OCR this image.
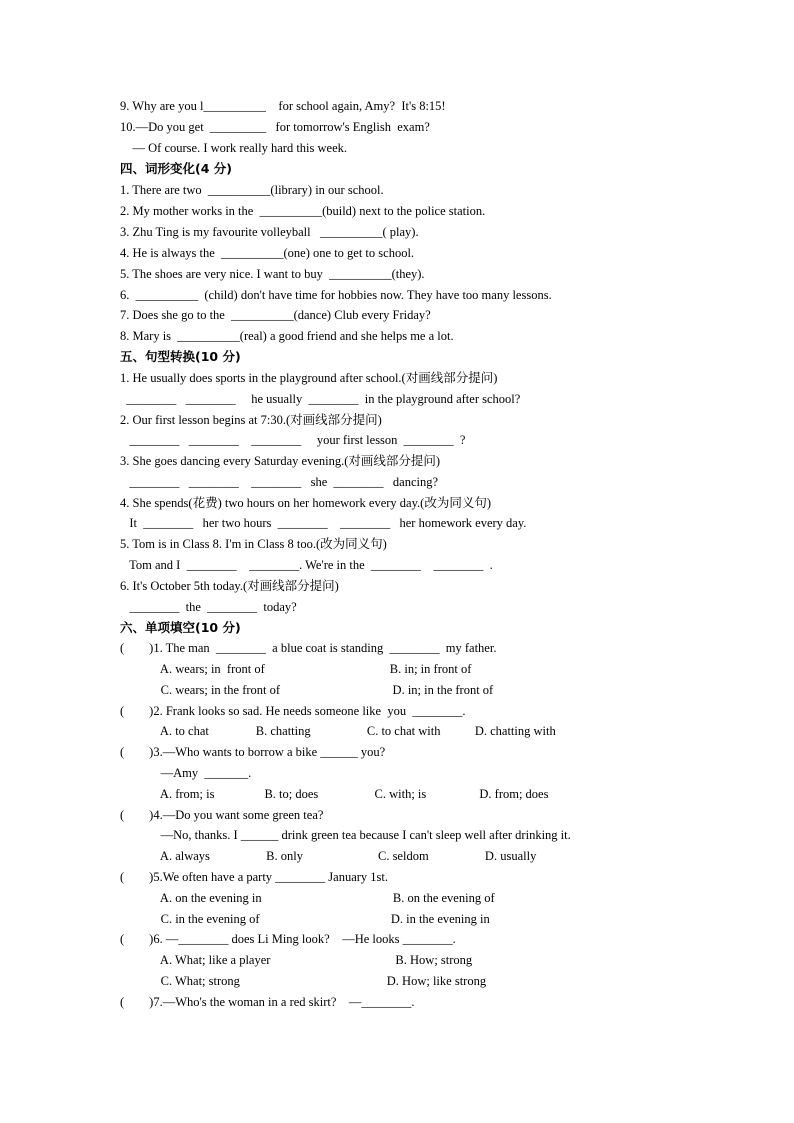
9. Why are you l__________    for school again, Amy?  It's 8:15!
10.—Do you get  _________   for tomorrow's English  exam?
— Of course. I work really hard this week.
四、词形变化(4 分)
1. There are two  __________(library) in our school.
2. My mother works in the  __________(build) next to the police station.
3. Zhu Ting is my favourite volleyball   __________( play).
4. He is always the  __________(one) one to get to school.
5. The shoes are very nice. I want to buy  __________(they).
6.  __________  (child) don't have time for hobbies now. They have too many lessons.
7. Does she go to the  __________(dance) Club every Friday?
8. Mary is  __________(real) a good friend and she helps me a lot.
五、句型转换(10 分)
1. He usually does sports in the playground after school.(对画线部分提问)
________   ________     he usually  ________  in the playground after school?
2. Our first lesson begins at 7:30.(对画线部分提问)
________   ________    ________     your first lesson  ________  ?
3. She goes dancing every Saturday evening.(对画线部分提问)
________   ________    ________   she  ________   dancing?
4. She spends(花费) two hours on her homework every day.(改为同义句)
It  ________   her two hours  ________    ________   her homework every day.
5. Tom is in Class 8. I'm in Class 8 too.(改为同义句)
Tom and I  ________    ________. We're in the  ________    ________  .
6. It's October 5th today.(对画线部分提问)
________  the  ________  today?
六、单项填空(10 分)
(        )1. The man  ________  a blue coat is standing  ________  my father.
A. wears; in  front of                                        B. in; in front of
C. wears; in the front of                                    D. in; in the front of
(        )2. Frank looks so sad. He needs someone like  you  ________.
A. to chat               B. chatting                  C. to chat with           D. chatting with
(        )3.—Who wants to borrow a bike ______ you?
—Amy  _______.
A. from; is                B. to; does                  C. with; is                 D. from; does
(        )4.—Do you want some green tea?
—No, thanks. I ______ drink green tea because I can't sleep well after drinking it.
A. always                  B. only                        C. seldom                  D. usually
(        )5.We often have a party ________ January 1st.
A. on the evening in                                          B. on the evening of
C. in the evening of                                          D. in the evening in
(        )6. —________ does Li Ming look?    —He looks ________.
A. What; like a player                                        B. How; strong
C. What; strong                                               D. How; like strong
(        )7.—Who's the woman in a red skirt?    —________.
